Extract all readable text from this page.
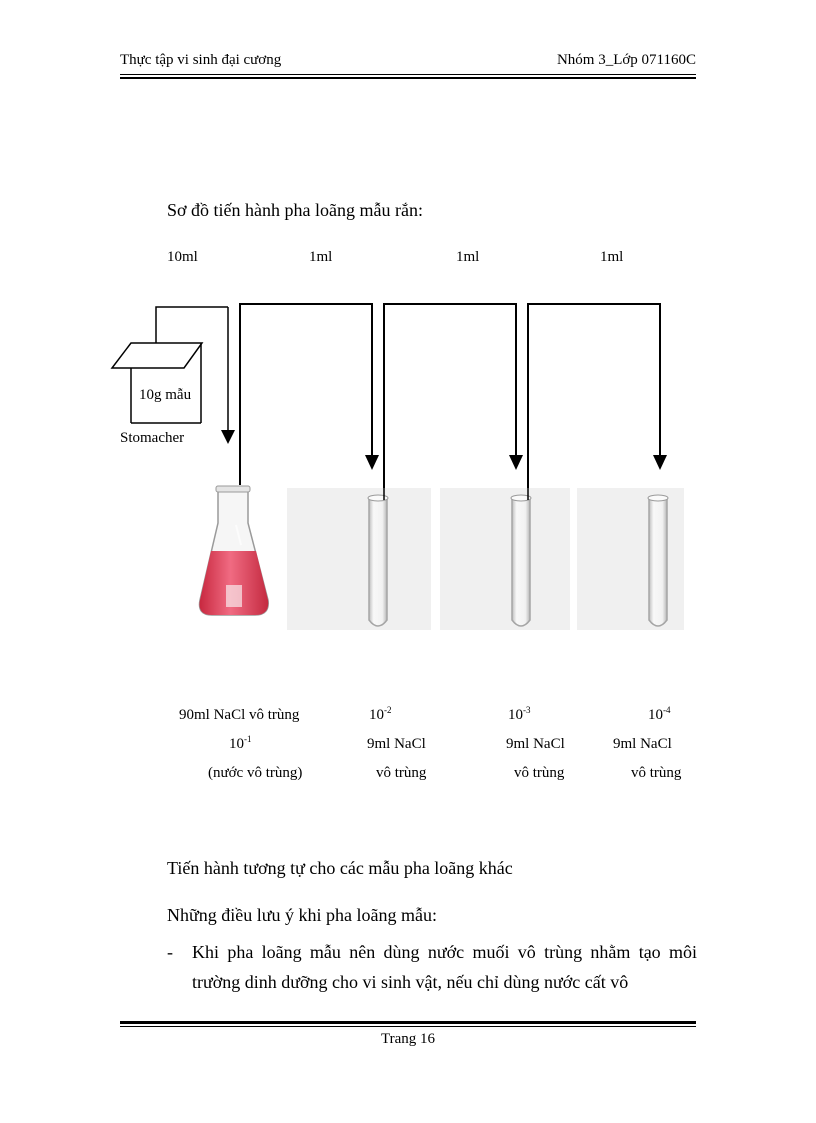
Thực tập vi sinh đại cương	Nhóm 3_Lớp 071160C
Sơ đồ tiến hành pha loãng mẫu rắn:
10ml	1ml	1ml	1ml
10g mẫu
Stomacher
90ml NaCl vô trùng
$10^{-1}$
(nước vô trùng)
$10^{-2}$
9ml NaCl
vô trùng
$10^{-3}$
9ml NaCl
vô trùng
$10^{-4}$
9ml NaCl
vô trùng
Tiến hành tương tự cho các mẫu pha loãng khác
Những điều lưu ý khi pha loãng mẫu:
- Khi pha loãng mẫu nên dùng nước muối vô trùng nhằm tạo môi trường dinh dưỡng cho vi sinh vật, nếu chỉ dùng nước cất vô
Trang 16
